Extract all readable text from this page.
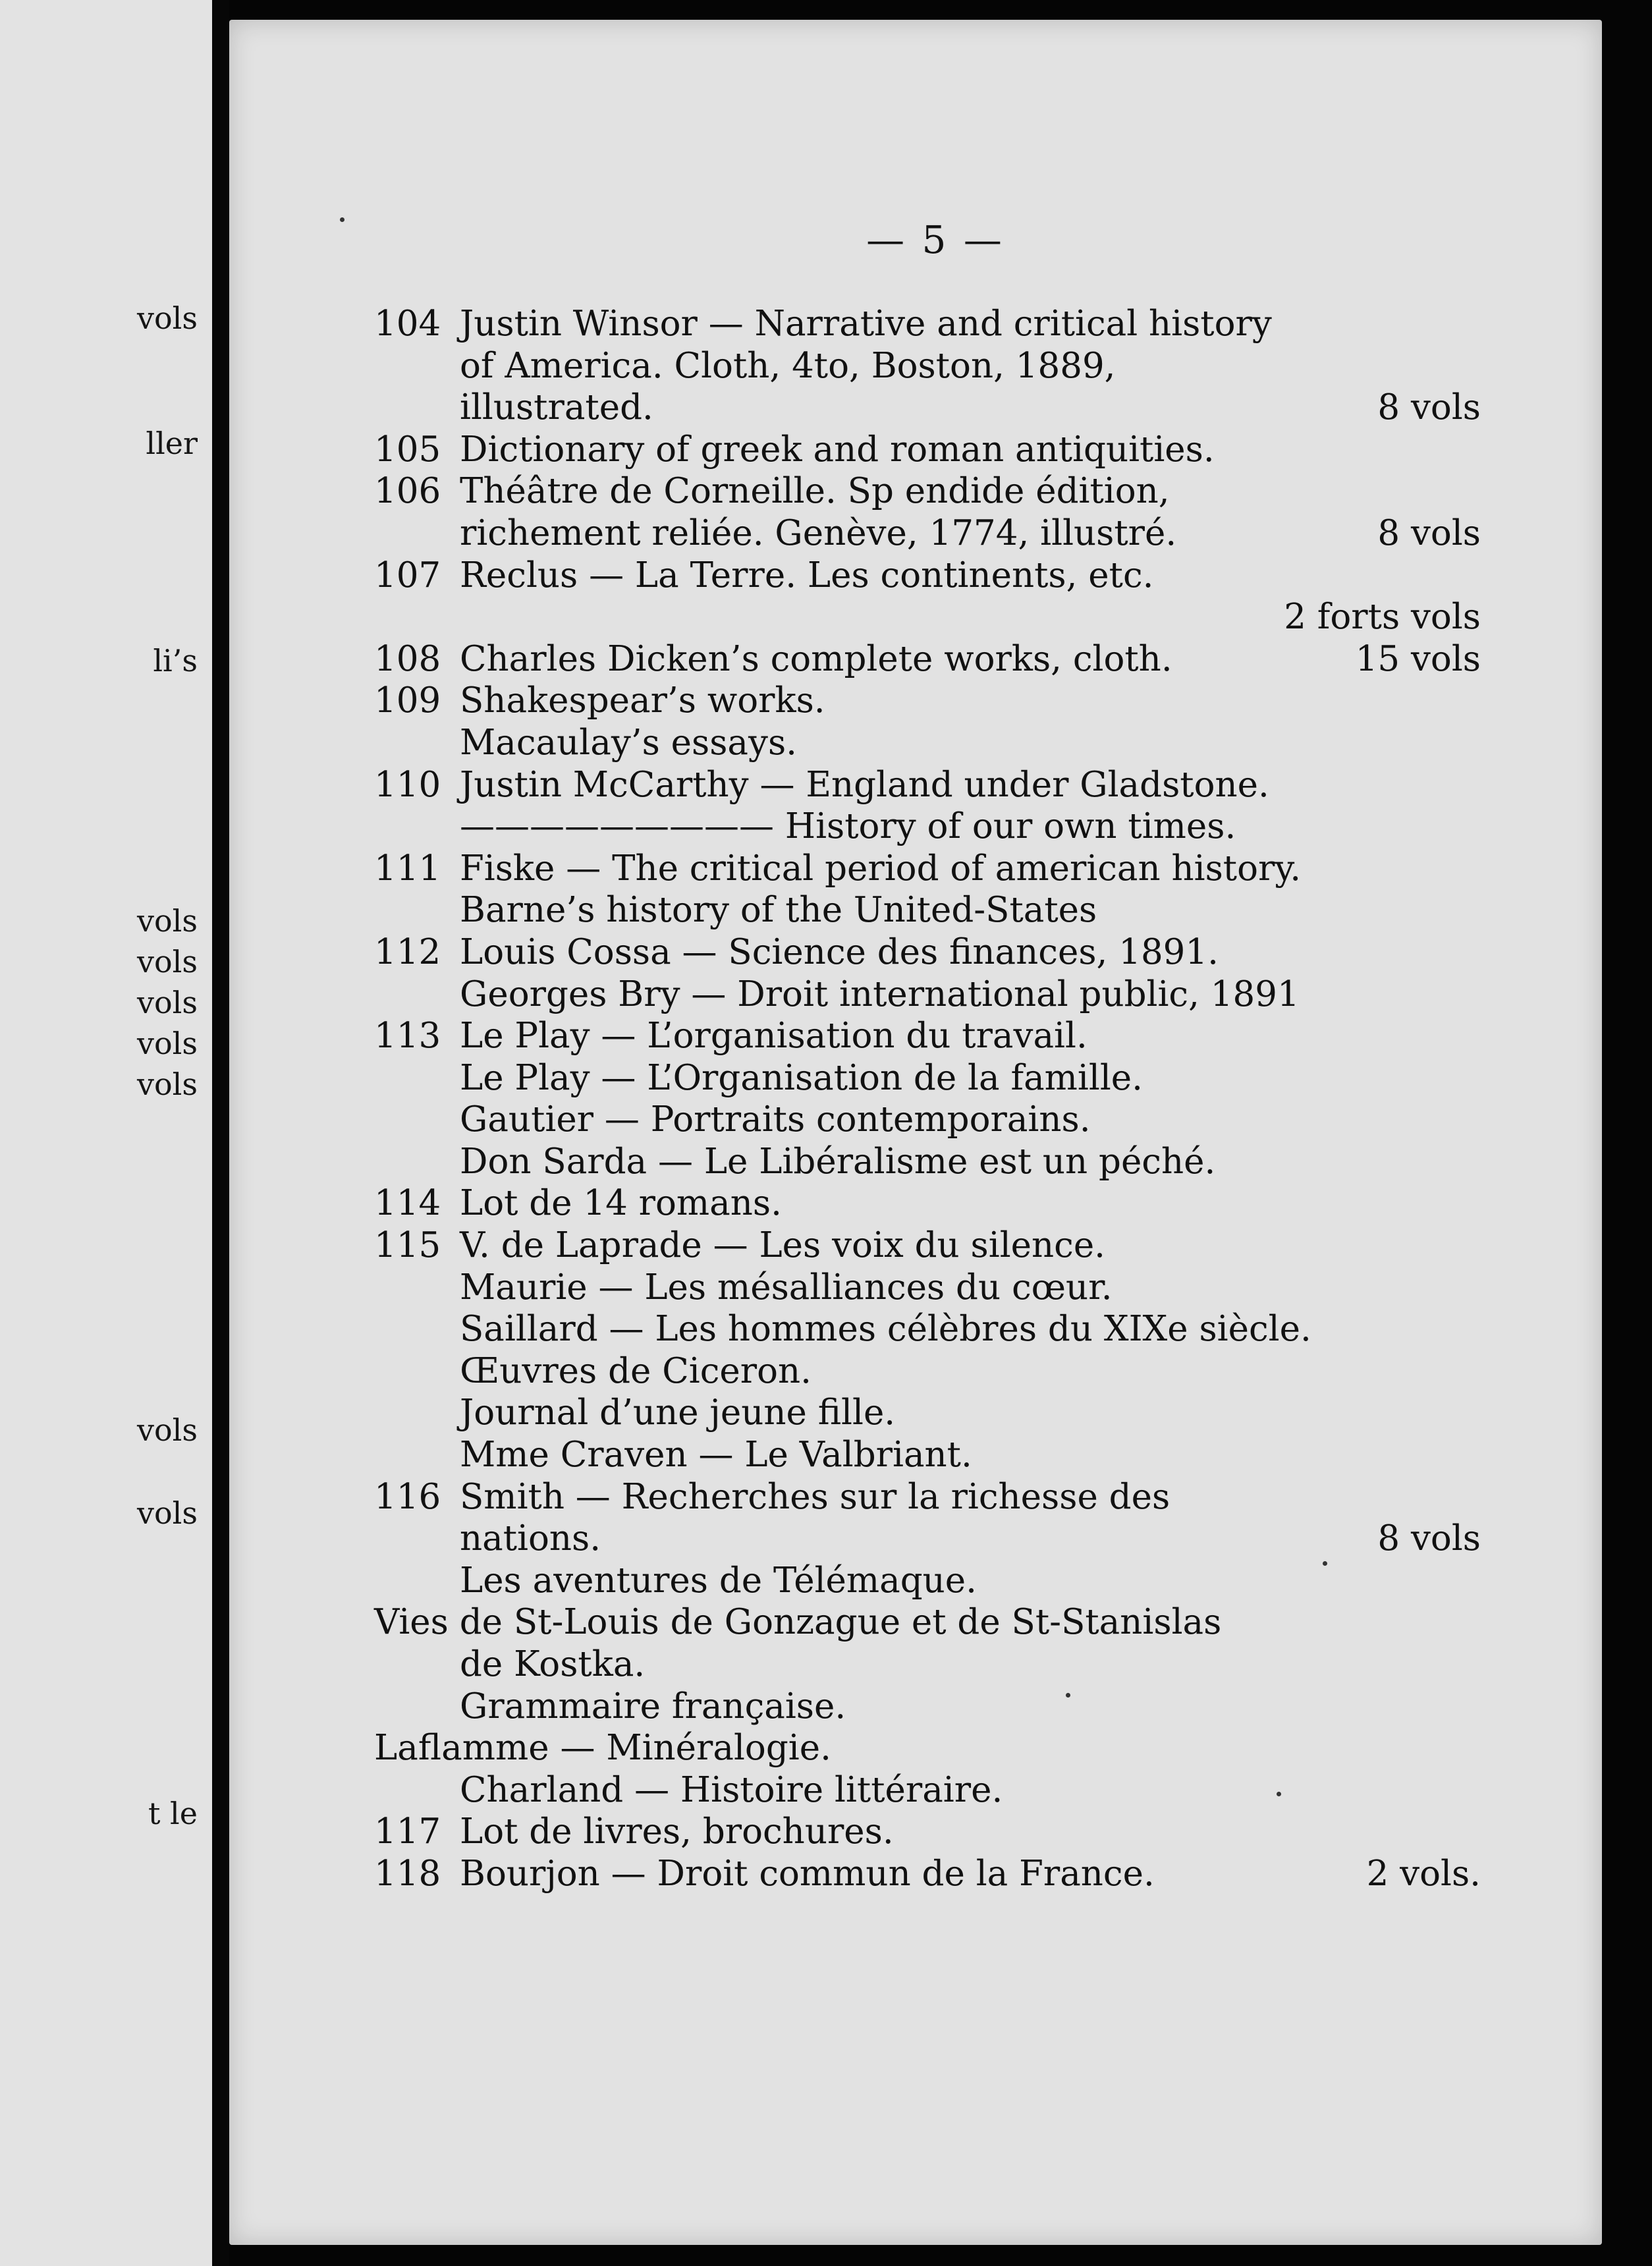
vols
ller
li’s
vols
vols
vols
vols
vols
vols
vols
t le
— 5 —
104 Justin Winsor — Narrative and critical history
of America. Cloth, 4to, Boston, 1889,
illustrated.	8 vols
105 Dictionary of greek and roman antiquities.
106 Théâtre de Corneille. Sp endide édition,
richement reliée. Genève, 1774, illustré.	8 vols
107 Reclus — La Terre. Les continents, etc.
2 forts vols
108 Charles Dicken’s complete works, cloth.	15 vols
109 Shakespear’s works.
Macaulay’s essays.
110 Justin McCarthy — England under Gladstone.
————————— History of our own times.
111 Fiske — The critical period of american history.
Barne’s history of the United-States
112 Louis Cossa — Science des finances, 1891.
Georges Bry — Droit international public, 1891
113 Le Play — L’organisation du travail.
Le Play — L’Organisation de la famille.
Gautier — Portraits contemporains.
Don Sarda — Le Libéralisme est un péché.
114 Lot de 14 romans.
115 V. de Laprade — Les voix du silence.
Maurie — Les mésalliances du cœur.
Saillard — Les hommes célèbres du XIXe siècle.
Œuvres de Ciceron.
Journal d’une jeune fille.
Mme Craven — Le Valbriant.
116 Smith — Recherches sur la richesse des
nations.	8 vols
Les aventures de Télémaque.
Vies de St-Louis de Gonzague et de St-Stanislas
de Kostka.
Grammaire française.
Laflamme — Minéralogie.
Charland — Histoire littéraire.
117 Lot de livres, brochures.
118 Bourjon — Droit commun de la France.	2 vols.
